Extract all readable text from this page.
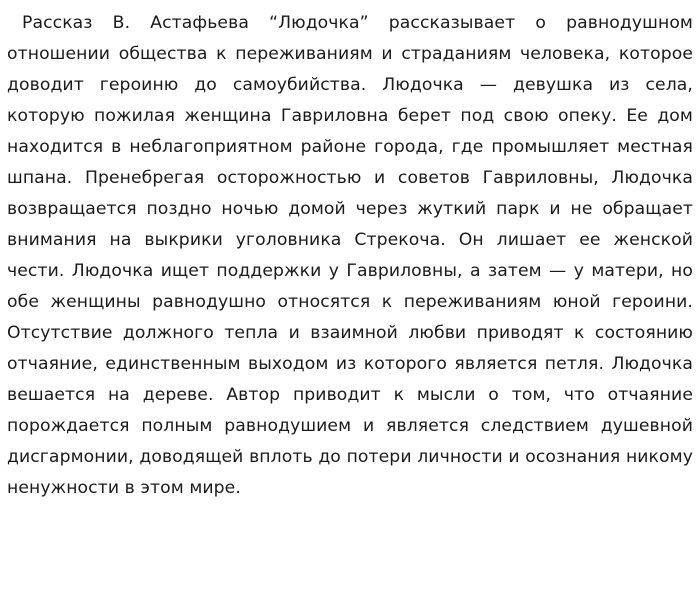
Рассказ В. Астафьева “Людочка” рассказывает о равнодушном отношении общества к переживаниям и страданиям человека, которое доводит героиню до самоубийства. Людочка — девушка из села, которую пожилая женщина Гавриловна берет под свою опеку. Ее дом находится в неблагоприятном районе города, где промышляет местная шпана. Пренебрегая осторожностью и советов Гавриловны, Людочка возвращается поздно ночью домой через жуткий парк и не обращает внимания на выкрики уголовника Стрекоча. Он лишает ее женской чести. Людочка ищет поддержки у Гавриловны, а затем — у матери, но обе женщины равнодушно относятся к переживаниям юной героини. Отсутствие должного тепла и взаимной любви приводят к состоянию отчаяние, единственным выходом из которого является петля. Людочка вешается на дереве. Автор приводит к мысли о том, что отчаяние порождается полным равнодушием и является следствием душевной дисгармонии, доводящей вплоть до потери личности и осознания никому ненужности в этом мире.
